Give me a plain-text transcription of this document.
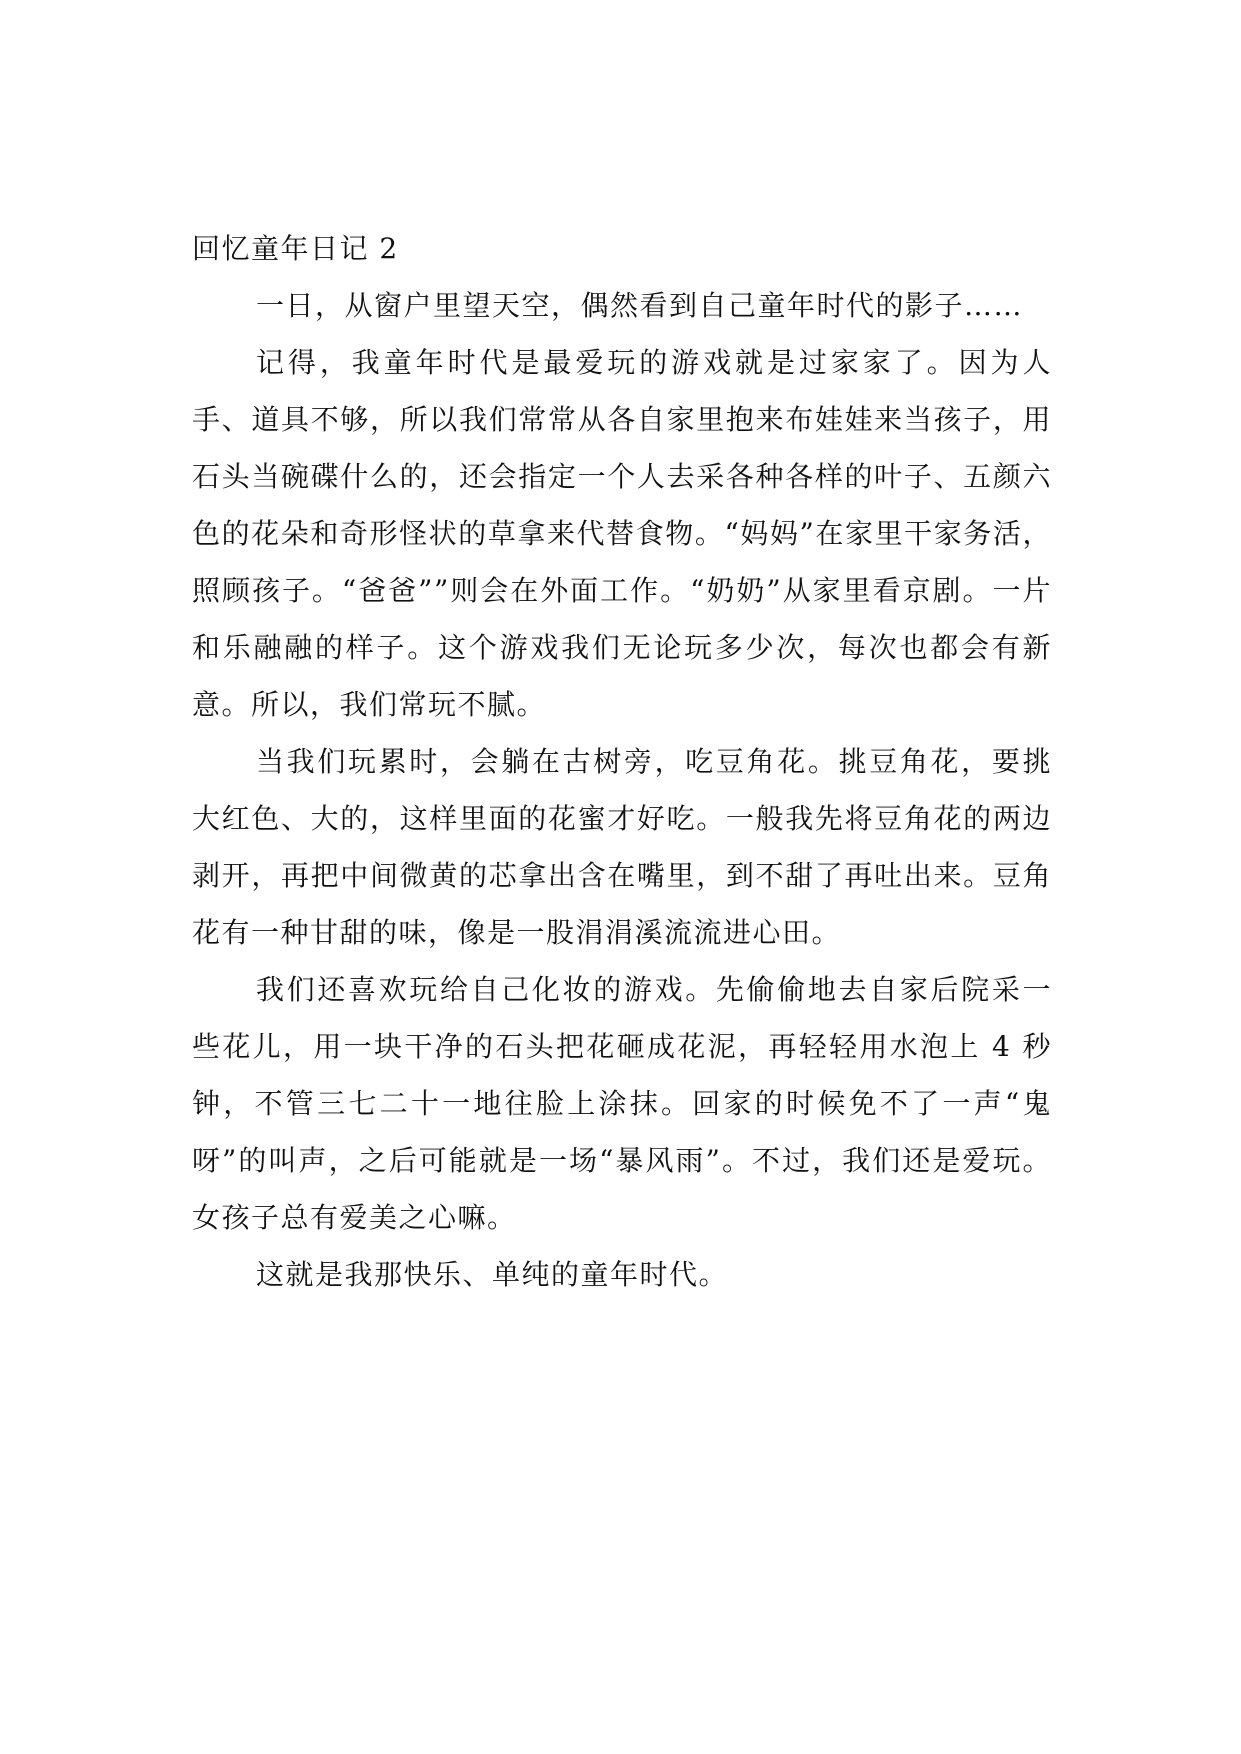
回忆童年日记 2

一日，从窗户里望天空，偶然看到自己童年时代的影子……

记得，我童年时代是最爱玩的游戏就是过家家了。因为人手、道具不够，所以我们常常从各自家里抱来布娃娃来当孩子，用石头当碗碟什么的，还会指定一个人去采各种各样的叶子、五颜六色的花朵和奇形怪状的草拿来代替食物。“妈妈”在家里干家务活，照顾孩子。“爸爸””则会在外面工作。“奶奶”从家里看京剧。一片和乐融融的样子。这个游戏我们无论玩多少次，每次也都会有新意。所以，我们常玩不腻。

当我们玩累时，会躺在古树旁，吃豆角花。挑豆角花，要挑大红色、大的，这样里面的花蜜才好吃。一般我先将豆角花的两边剥开，再把中间微黄的芯拿出含在嘴里，到不甜了再吐出来。豆角花有一种甘甜的味，像是一股涓涓溪流流进心田。

我们还喜欢玩给自己化妆的游戏。先偷偷地去自家后院采一些花儿，用一块干净的石头把花砸成花泥，再轻轻用水泡上 4 秒钟，不管三七二十一地往脸上涂抹。回家的时候免不了一声“鬼呀”的叫声，之后可能就是一场“暴风雨”。不过，我们还是爱玩。女孩子总有爱美之心嘛。

这就是我那快乐、单纯的童年时代。
